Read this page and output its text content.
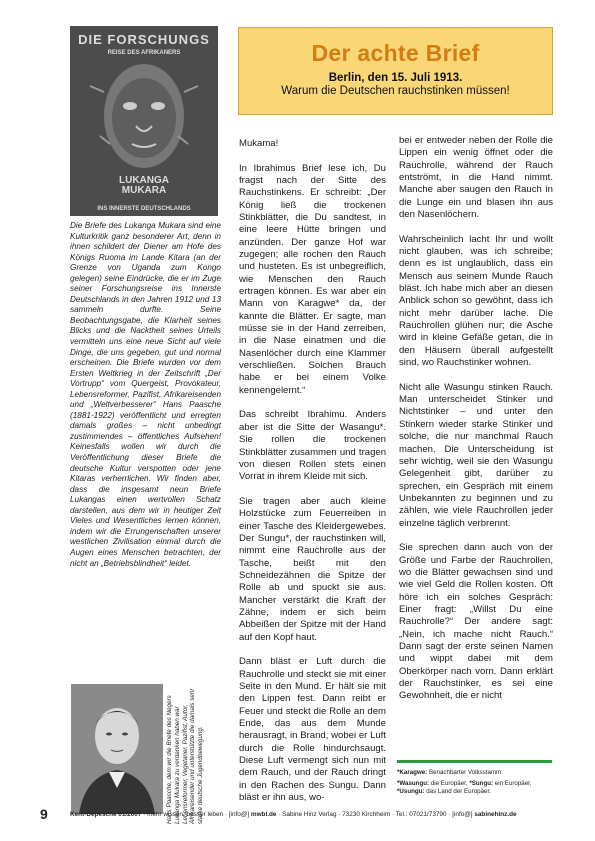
DIE FORSCHUNGS
REISE DES AFRIKANERS
LUKANGA
MUKARA
INS INNERSTE DEUTSCHLANDS
Die Briefe des Lukanga Mukara sind eine Kulturkritik ganz besonderer Art, denn in ihnen schildert der Diener am Hofe des Königs Ruoma im Lande Kitara (an der Grenze von Uganda zum Kongo gelegen) seine Eindrücke, die er im Zuge seiner Forschungsreise ins Innerste Deutschlands in den Jahren 1912 und 13 sammeln durfte. Seine Beobachtungsgabe, die Klarheit seines Blicks und die Nacktheit seines Urteils vermitteln uns eine neue Sicht auf viele Dinge, die uns gegeben, gut und normal erscheinen. Die Briefe wurden vor dem Ersten Weltkrieg in der Zeitschrift „Der Vortrupp“ vom Quergeist, Provokateur, Lebensreformer, Pazifist, Afrikareisenden und „Weltverbesserer“ Hans Paasche (1881-1922) veröffentlicht und erregten damals großes – nicht unbedingt zustimmendes – öffentliches Aufsehen! Keinesfalls wollen wir durch die Veröffentlichung dieser Briefe die deutsche Kultur verspotten oder jene Kitaras verherrlichen. Wir finden aber, dass die insgesamt neun Briefe Lukangas einen wertvollen Schatz darstellen, aus dem wir in heutiger Zeit Vieles und Wesentliches lernen können, indem wir die Errungenschaften unserer westlichen Zivilisation einmal durch die Augen eines Menschen betrachten, der nicht an „Betriebsblindheit“ leidet.
Hans Paasche, dem wir die Briefe des Negers Lukanga Mukara zu verdanken haben war Lebensreformer, Vegetarier, Pazifist, Autor, Afrikareisender und unterstützte die damals sehr starke deutsche Jugendbewegung.
Der achte Brief
Berlin, den 15. Juli 1913.
Warum die Deutschen rauchstinken müssen!

Mukama!

In Ibrahimus Brief lese ich, Du fragst nach der Sitte des Rauchstinkens. Er schreibt: „Der König ließ die trockenen Stinkblätter, die Du sandtest, in eine leere Hütte bringen und anzünden. Der ganze Hof war zugegen; alle rochen den Rauch und husteten. Es ist unbegreiflich, wie Menschen den Rauch ertragen können. Es war aber ein Mann von Karagwe* da, der kannte die Blätter. Er sagte, man müsse sie in der Hand zerreiben, in die Nase einatmen und die Nasenlöcher durch eine Klammer verschließen. Solchen Brauch habe er bei einem Volke kennengelernt.“

Das schreibt Ibrahimu. Anders aber ist die Sitte der Wasangu*. Sie rollen die trockenen Stinkblätter zusammen und tragen von diesen Rollen stets einen Vorrat in ihrem Kleide mit sich.

Sie tragen aber auch kleine Holzstücke zum Feuerreiben in einer Tasche des Kleidergewebes. Der Sungu*, der rauchstinken will, nimmt eine Rauchrolle aus der Tasche, beißt mit den Schneidezähnen die Spitze der Rolle ab und spuckt sie aus. Mancher verstärkt die Kraft der Zähne, indem er sich beim Abbeißen der Spitze mit der Hand auf den Kopf haut.

Dann bläst er Luft durch die Rauchrolle und steckt sie mit einer Seite in den Mund. Er hält sie mit den Lippen fest. Dann reibt er Feuer und steckt die Rolle an dem Ende, das aus dem Munde herausragt, in Brand, wobei er Luft durch die Rolle hindurchsaugt. Diese Luft vermengt sich nun mit dem Rauch, und der Rauch dringt in den Rachen des Sungu. Dann bläst er ihn aus, wo-

bei er entweder neben der Rolle die Lippen ein wenig öffnet oder die Rauchrolle, während der Rauch entströmt, in die Hand nimmt. Manche aber saugen den Rauch in die Lunge ein und blasen ihn aus den Nasenlöchern.

Wahrscheinlich lacht Ihr und wollt nicht glauben, was ich schreibe; denn es ist unglaublich, dass ein Mensch aus seinem Munde Rauch bläst. Ich habe mich aber an diesen Anblick schon so gewöhnt, dass ich nicht mehr darüber lache. Die Rauchrollen glühen nur; die Asche wird in kleine Gefäße getan, die in den Häusern überall aufgestellt sind, wo Rauchstinker wohnen.

Nicht alle Wasungu stinken Rauch. Man unterscheidet Stinker und Nichtstinker – und unter den Stinkern wieder starke Stinker und solche, die nur manchmal Rauch machen. Die Unterscheidung ist sehr wichtig, weil sie den Wasungu Gelegenheit gibt, darüber zu sprechen, ein Gespräch mit einem Unbekannten zu beginnen und zu zählen, wie viele Rauchrollen jeder einzelne täglich verbrennt.

Sie sprechen dann auch von der Größe und Farbe der Rauchrollen, wo die Blätter gewachsen sind und wie viel Geld die Rollen kosten. Oft höre ich ein solches Gespräch: Einer fragt: „Willst Du eine Rauchrolle?“ Der andere sagt: „Nein, ich mache nicht Rauch.“ Dann sagt der erste seinen Namen und wippt dabei mit dem Oberkörper nach vorn. Dann erklärt der Rauchstinker, es sei eine Gewohnheit, die er nicht

*Karagwe: Benachbarter Volksstamm.

*Wasungu: die Europäer, *Sungu: ein Europäer, *Usungu: das Land der Europäer.

9	Kent-Depesche 01/2007 · mehr wissen, besser leben · [info@] mwbl.de · Sabine Hinz Verlag · 73230 Kirchheim · Tel.: 07021/73790 · [info@] sabinehinz.de
